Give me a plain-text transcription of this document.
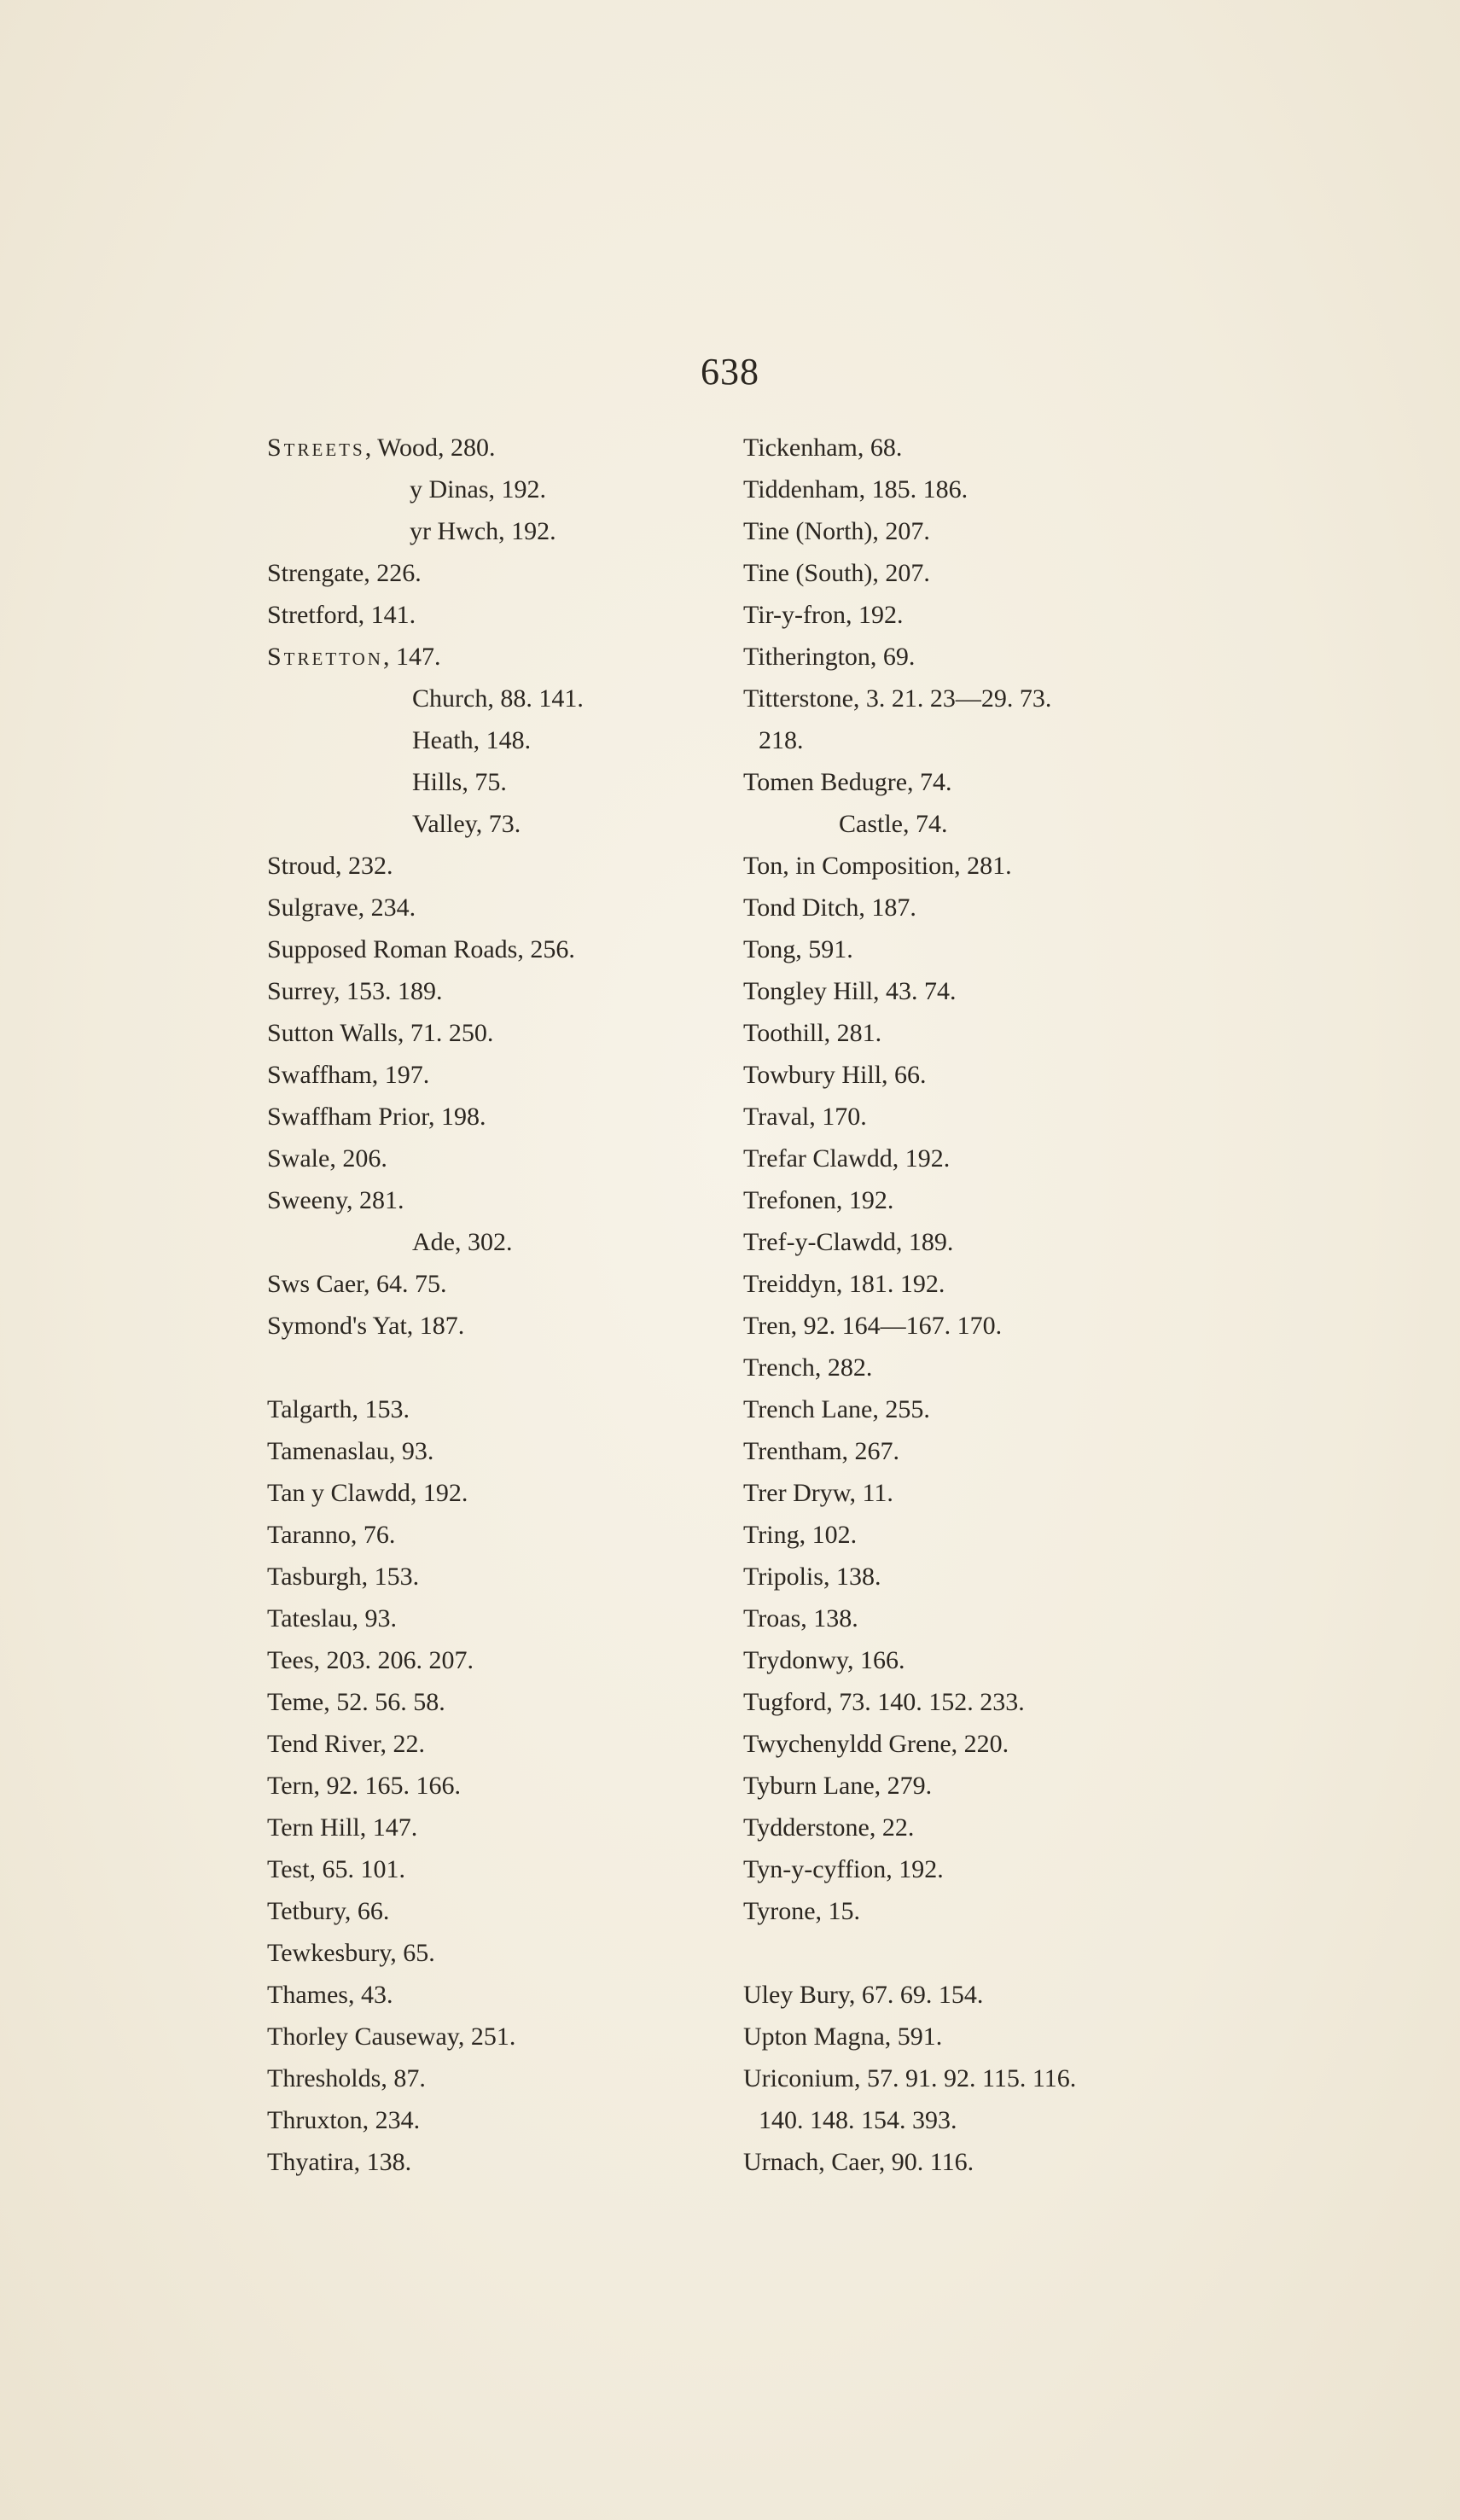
638
Streets, Wood, 280.
y Dinas, 192.
yr Hwch, 192.
Strengate, 226.
Stretford, 141.
Stretton, 147.
Church, 88. 141.
Heath, 148.
Hills, 75.
Valley, 73.
Stroud, 232.
Sulgrave, 234.
Supposed Roman Roads, 256.
Surrey, 153. 189.
Sutton Walls, 71. 250.
Swaffham, 197.
Swaffham Prior, 198.
Swale, 206.
Sweeny, 281.
Ade, 302.
Sws Caer, 64. 75.
Symond's Yat, 187.
Talgarth, 153.
Tamenaslau, 93.
Tan y Clawdd, 192.
Taranno, 76.
Tasburgh, 153.
Tateslau, 93.
Tees, 203. 206. 207.
Teme, 52. 56. 58.
Tend River, 22.
Tern, 92. 165. 166.
Tern Hill, 147.
Test, 65. 101.
Tetbury, 66.
Tewkesbury, 65.
Thames, 43.
Thorley Causeway, 251.
Thresholds, 87.
Thruxton, 234.
Thyatira, 138.
Tickenham, 68.
Tiddenham, 185. 186.
Tine (North), 207.
Tine (South), 207.
Tir-y-fron, 192.
Titherington, 69.
Titterstone, 3. 21. 23—29. 73.
218.
Tomen Bedugre, 74.
Castle, 74.
Ton, in Composition, 281.
Tond Ditch, 187.
Tong, 591.
Tongley Hill, 43. 74.
Toothill, 281.
Towbury Hill, 66.
Traval, 170.
Trefar Clawdd, 192.
Trefonen, 192.
Tref-y-Clawdd, 189.
Treiddyn, 181. 192.
Tren, 92. 164—167. 170.
Trench, 282.
Trench Lane, 255.
Trentham, 267.
Trer Dryw, 11.
Tring, 102.
Tripolis, 138.
Troas, 138.
Trydonwy, 166.
Tugford, 73. 140. 152. 233.
Twychenyldd Grene, 220.
Tyburn Lane, 279.
Tydderstone, 22.
Tyn-y-cyffion, 192.
Tyrone, 15.
Uley Bury, 67. 69. 154.
Upton Magna, 591.
Uriconium, 57. 91. 92. 115. 116.
140. 148. 154. 393.
Urnach, Caer, 90. 116.
